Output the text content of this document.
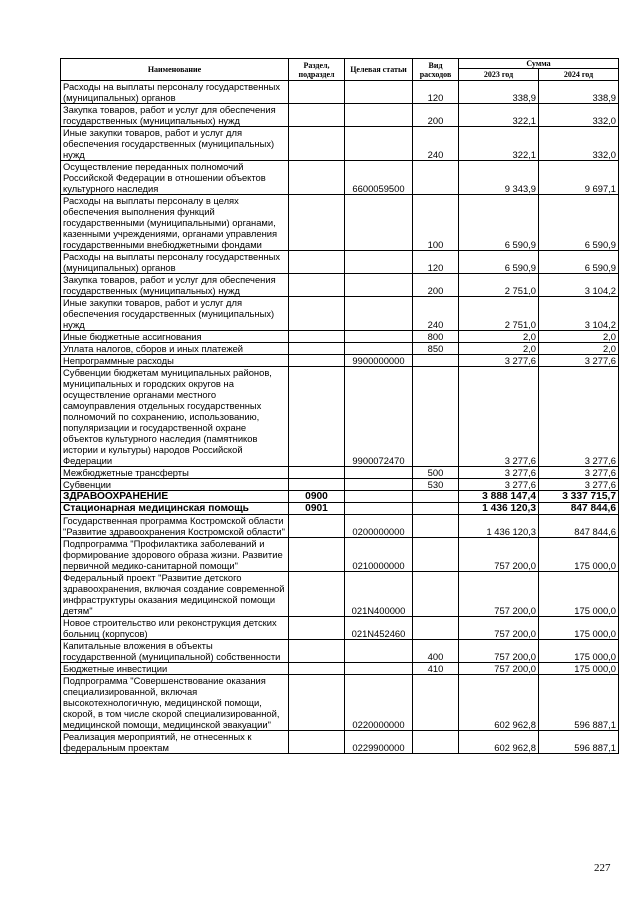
Наименование	Раздел, подраздел	Целевая статьи	Вид расходов	Сумма	
				2023 год	2024 год
Расходы на выплаты персоналу государственных (муниципальных) органов			120	338,9	338,9
Закупка товаров, работ и услуг для обеспечения государственных (муниципальных) нужд			200	322,1	332,0
Иные закупки товаров, работ и услуг для обеспечения государственных (муниципальных) нужд			240	322,1	332,0
Осуществление переданных полномочий Российской Федерации в отношении объектов культурного наследия		6600059500		9 343,9	9 697,1
Расходы на выплаты персоналу в целях обеспечения выполнения функций государственными (муниципальными) органами, казенными учреждениями, органами управления государственными внебюджетными фондами			100	6 590,9	6 590,9
Расходы на выплаты персоналу государственных (муниципальных) органов			120	6 590,9	6 590,9
Закупка товаров, работ и услуг для обеспечения государственных (муниципальных) нужд			200	2 751,0	3 104,2
Иные закупки товаров, работ и услуг для обеспечения государственных (муниципальных) нужд			240	2 751,0	3 104,2
Иные бюджетные ассигнования			800	2,0	2,0
Уплата налогов, сборов и иных платежей			850	2,0	2,0
Непрограммные расходы		9900000000		3 277,6	3 277,6
Субвенции бюджетам муниципальных районов, муниципальных и городских округов на осуществление органами местного самоуправления отдельных государственных полномочий по сохранению, использованию, популяризации и государственной охране объектов культурного наследия (памятников истории и культуры) народов Российской Федерации		9900072470		3 277,6	3 277,6
Межбюджетные трансферты			500	3 277,6	3 277,6
Субвенции			530	3 277,6	3 277,6
ЗДРАВООХРАНЕНИЕ	0900			3 888 147,4	3 337 715,7
Стационарная медицинская помощь	0901			1 436 120,3	847 844,6
Государственная программа Костромской области "Развитие здравоохранения Костромской области"		0200000000		1 436 120,3	847 844,6
Подпрограмма "Профилактика заболеваний и формирование здорового образа жизни. Развитие первичной медико-санитарной помощи"		0210000000		757 200,0	175 000,0
Федеральный проект "Развитие детского здравоохранения, включая создание современной инфраструктуры оказания медицинской помощи детям"		021N400000		757 200,0	175 000,0
Новое строительство или реконструкция детских больниц (корпусов)		021N452460		757 200,0	175 000,0
Капитальные вложения в объекты государственной (муниципальной) собственности			400	757 200,0	175 000,0
Бюджетные инвестиции			410	757 200,0	175 000,0
Подпрограмма "Совершенствование оказания специализированной, включая высокотехнологичную, медицинской помощи, скорой, в том числе скорой специализированной, медицинской помощи, медицинской эвакуации"		0220000000		602 962,8	596 887,1
Реализация мероприятий, не отнесенных к федеральным проектам		0229900000		602 962,8	596 887,1
227
